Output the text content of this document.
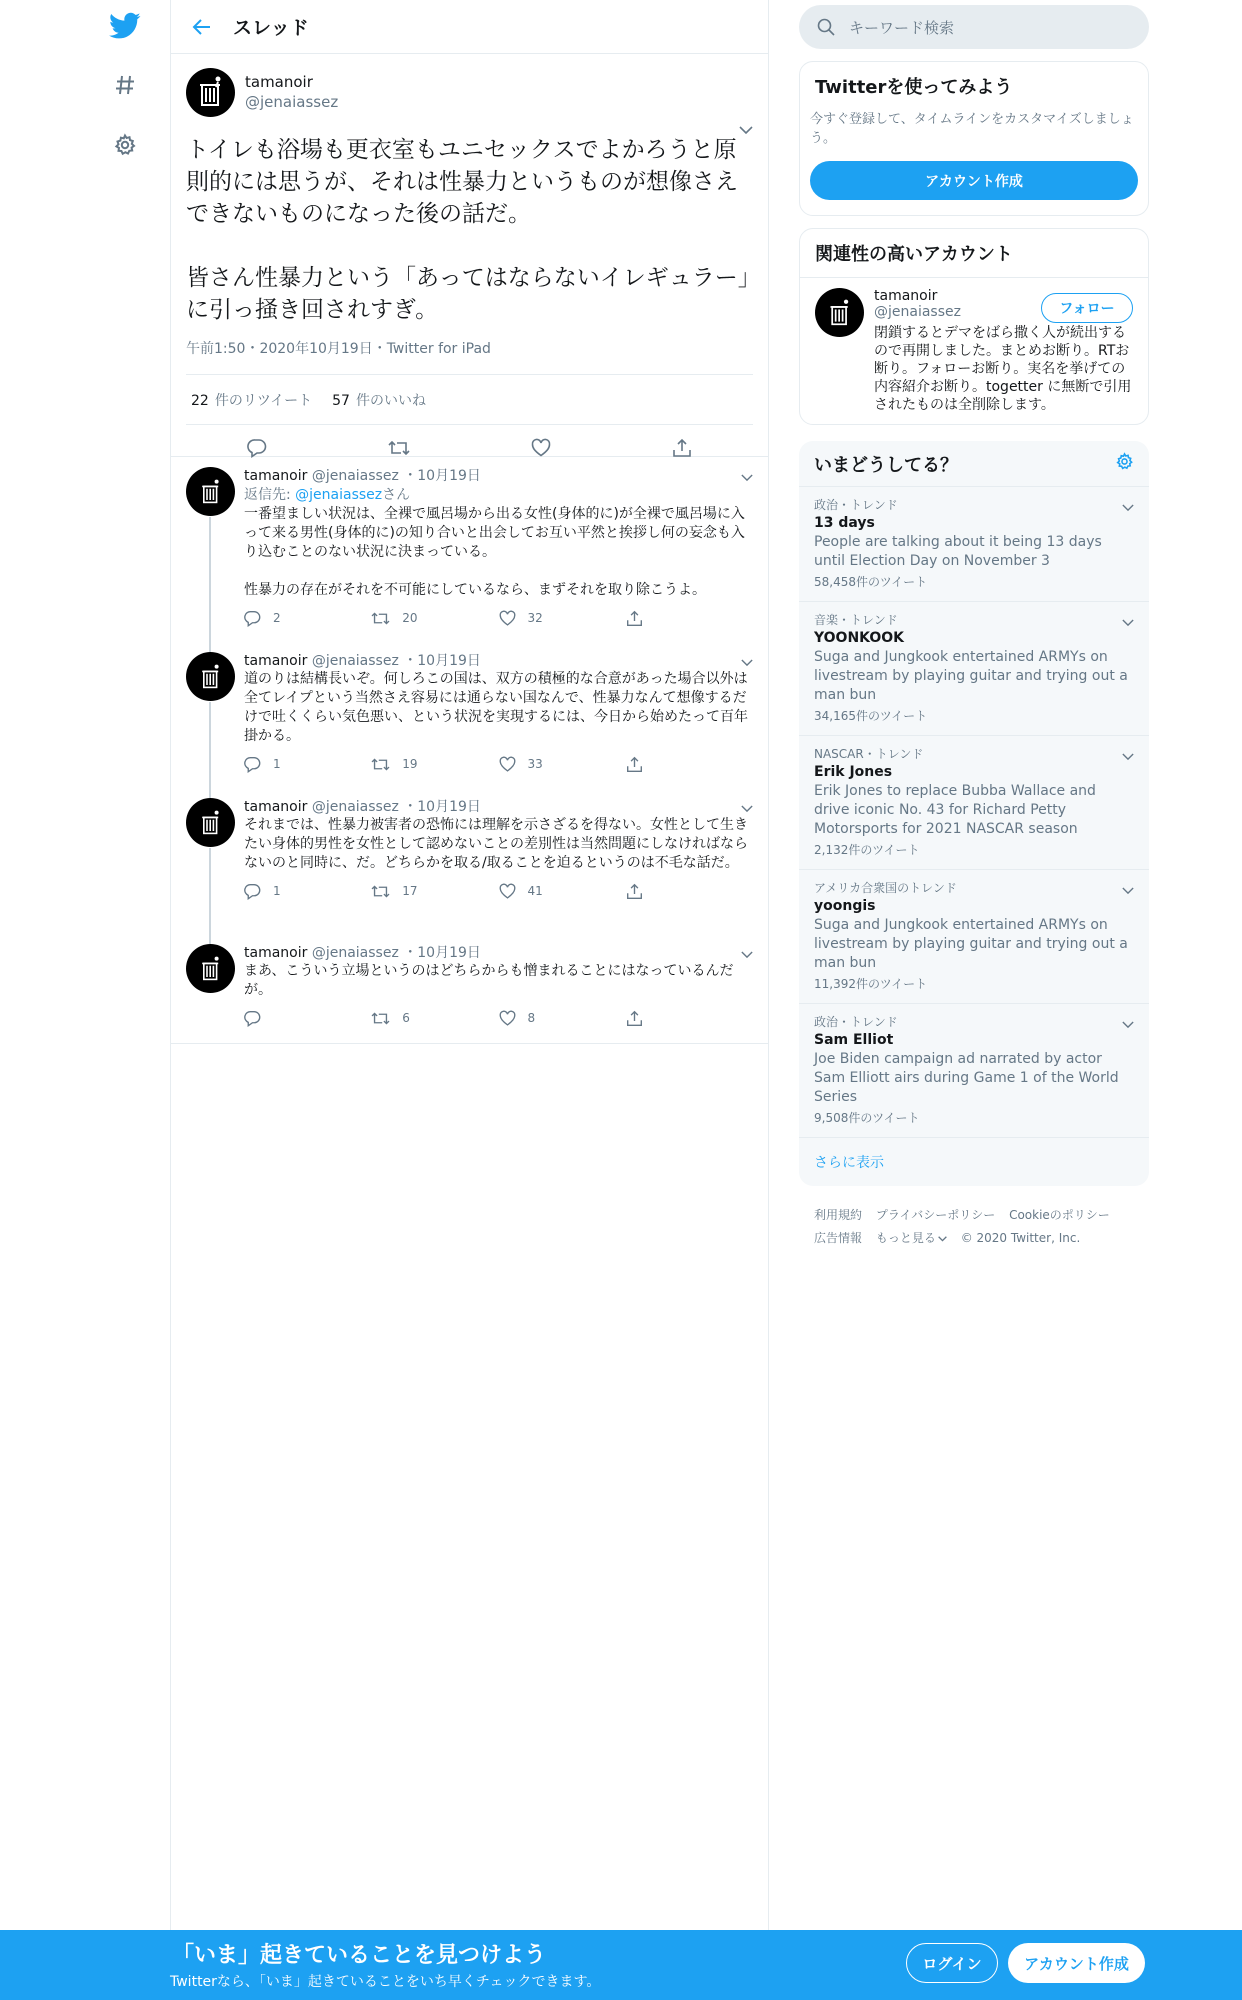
スレッド
tamanoir
@jenaiassez
トイレも浴場も更衣室もユニセックスでよかろうと原則的には思うが、それは性暴力というものが想像さえできないものになった後の話だ。

皆さん性暴力という「あってはならないイレギュラー」に引っ掻き回されすぎ。
午前1:50・2020年10月19日・Twitter for iPad
22 件のリツイート 57 件のいいね
tamanoir @jenaiassez ・10月19日
返信先: @jenaiassezさん
一番望ましい状況は、全裸で風呂場から出る女性(身体的に)が全裸で風呂場に入って来る男性(身体的に)の知り合いと出会してお互い平然と挨拶し何の妄念も入り込むことのない状況に決まっている。

性暴力の存在がそれを不可能にしているなら、まずそれを取り除こうよ。
2	20	32
tamanoir @jenaiassez ・10月19日
道のりは結構長いぞ。何しろこの国は、双方の積極的な合意があった場合以外は全てレイプという当然さえ容易には通らない国なんで、性暴力なんて想像するだけで吐くくらい気色悪い、という状況を実現するには、今日から始めたって百年掛かる。
1	19	33
tamanoir @jenaiassez ・10月19日
それまでは、性暴力被害者の恐怖には理解を示さざるを得ない。女性として生きたい身体的男性を女性として認めないことの差別性は当然問題にしなければならないのと同時に、だ。どちらかを取る/取ることを迫るというのは不毛な話だ。
1	17	41
tamanoir @jenaiassez ・10月19日
まあ、こういう立場というのはどちらからも憎まれることにはなっているんだが。
6	8
キーワード検索
Twitterを使ってみよう
今すぐ登録して、タイムラインをカスタマイズしましょう。
アカウント作成
関連性の高いアカウント
tamanoir
@jenaiassez
閉鎖するとデマをばら撒く人が続出するので再開しました。まとめお断り。RTお断り。フォローお断り。実名を挙げての内容紹介お断り。togetter に無断で引用されたものは全削除します。
フォロー
いまどうしてる？
政治・トレンド
13 days
People are talking about it being 13 days until Election Day on November 3
58,458件のツイート
音楽・トレンド
YOONKOOK
Suga and Jungkook entertained ARMYs on livestream by playing guitar and trying out a man bun
34,165件のツイート
NASCAR・トレンド
Erik Jones
Erik Jones to replace Bubba Wallace and drive iconic No. 43 for Richard Petty Motorsports for 2021 NASCAR season
2,132件のツイート
アメリカ合衆国のトレンド
yoongis
Suga and Jungkook entertained ARMYs on livestream by playing guitar and trying out a man bun
11,392件のツイート
政治・トレンド
Sam Elliot
Joe Biden campaign ad narrated by actor Sam Elliott airs during Game 1 of the World Series
9,508件のツイート
さらに表示
利用規約 プライバシーポリシー Cookieのポリシー
広告情報 もっと見る © 2020 Twitter, Inc.
「いま」起きていることを見つけよう
Twitterなら、「いま」起きていることをいち早くチェックできます。
ログイン	アカウント作成
